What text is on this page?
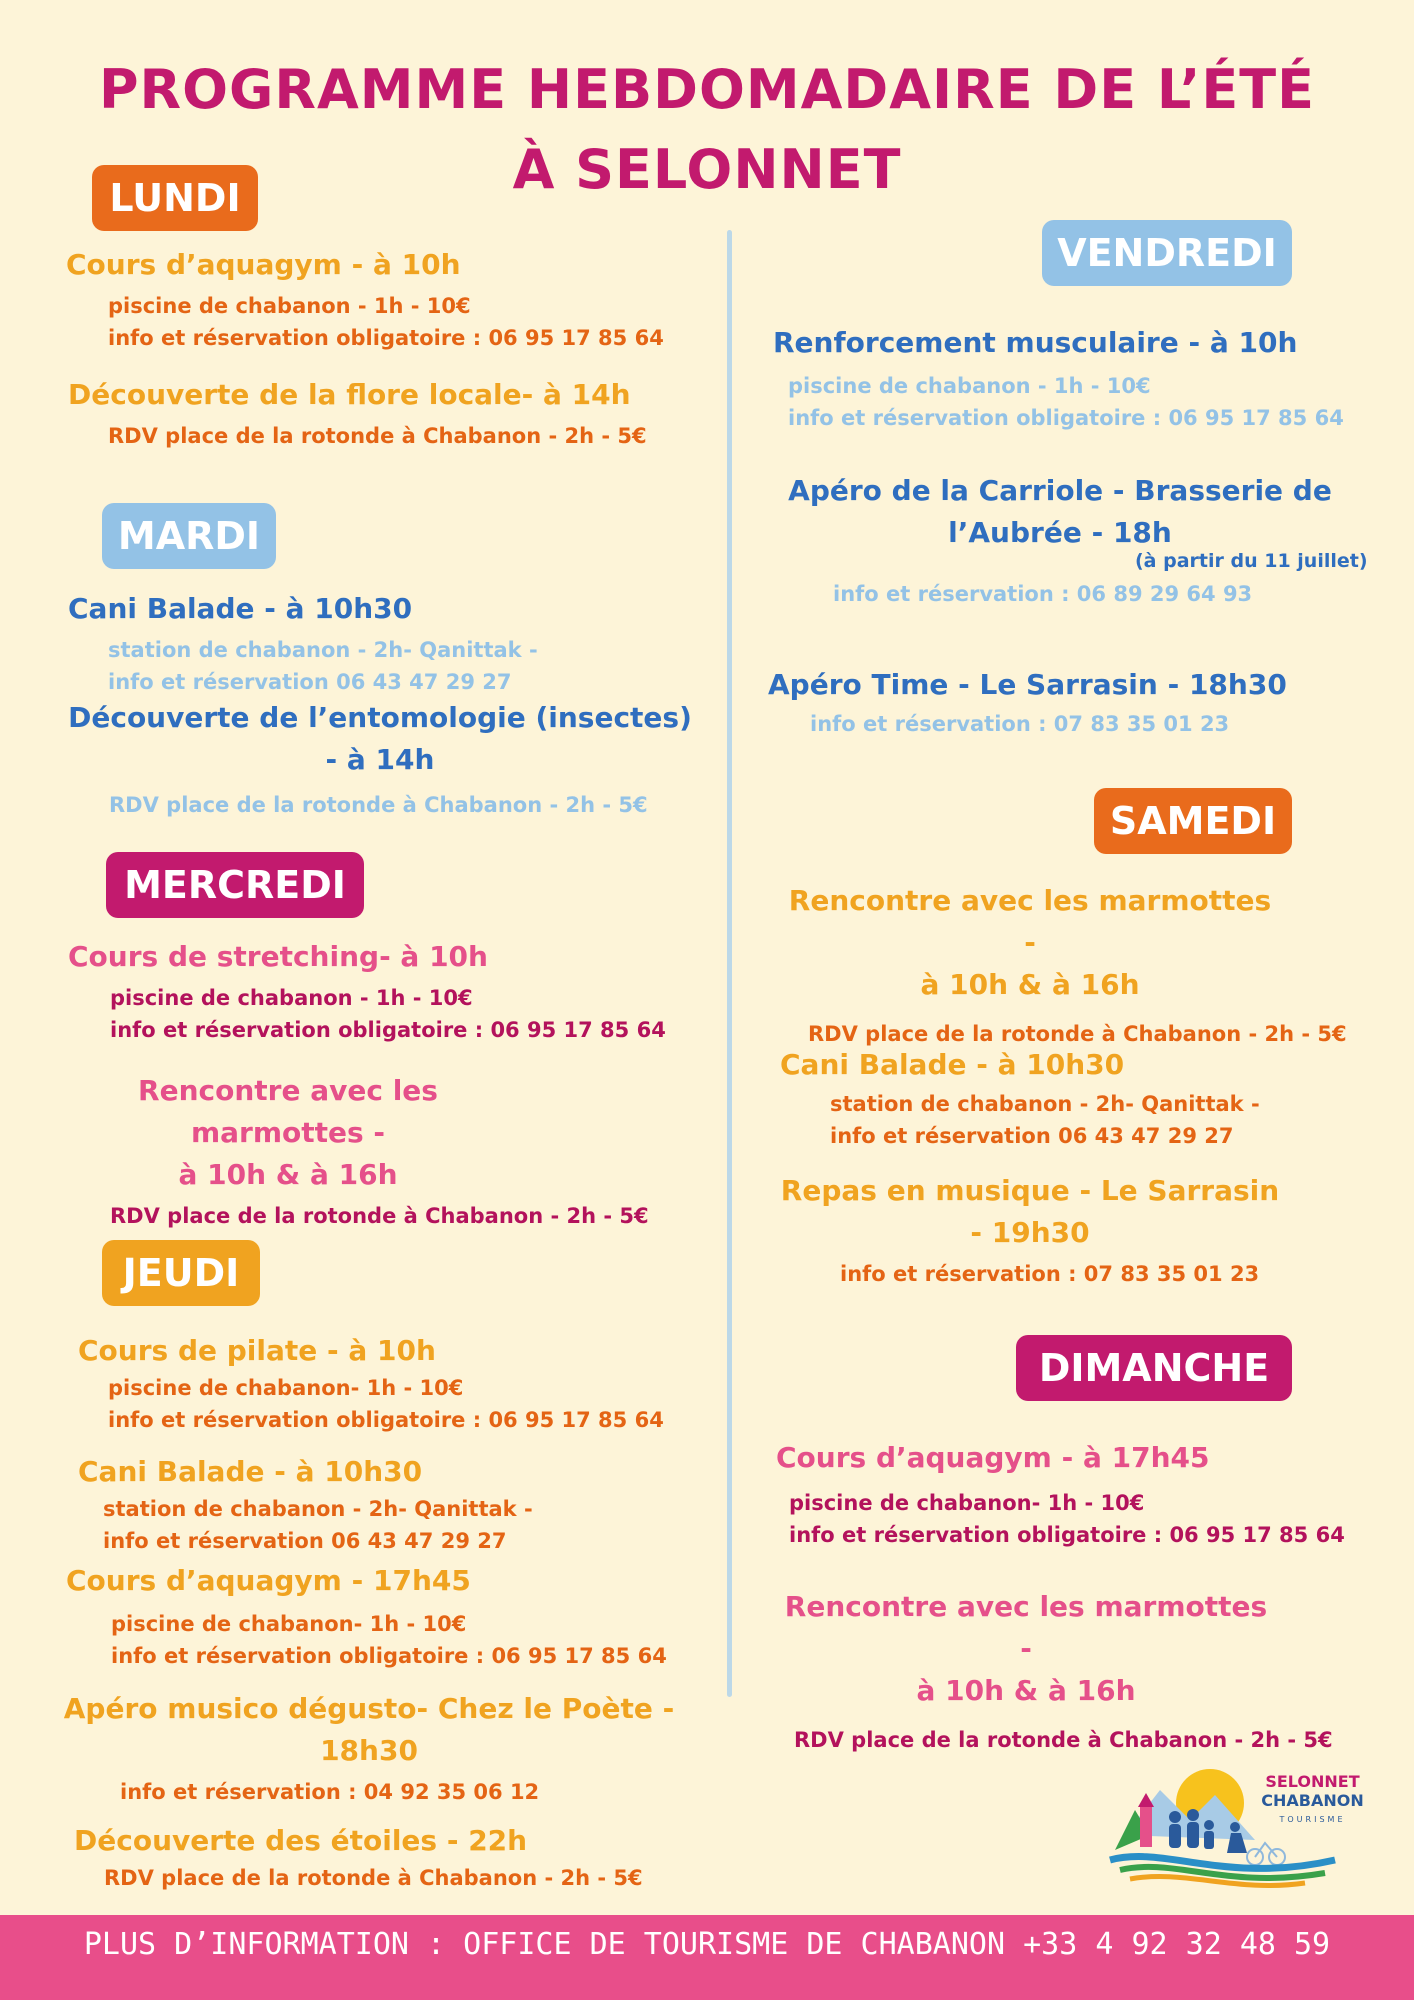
PROGRAMME HEBDOMADAIRE DE L’ÉTÉ
À SELONNET
LUNDI
Cours d’aquagym - à 10h
piscine de chabanon - 1h - 10€
info et réservation obligatoire : 06 95 17 85 64
Découverte de la flore locale- à 14h
RDV place de la rotonde à Chabanon - 2h - 5€
MARDI
Cani Balade - à 10h30
station de chabanon - 2h- Qanittak -
info et réservation 06 43 47 29 27
Découverte de l’entomologie (insectes)
- à 14h
RDV place de la rotonde à Chabanon - 2h - 5€
MERCREDI
Cours de stretching- à 10h
piscine de chabanon - 1h - 10€
info et réservation obligatoire : 06 95 17 85 64
Rencontre avec les marmottes -
à 10h & à 16h
RDV place de la rotonde à Chabanon - 2h - 5€
JEUDI
Cours de pilate - à 10h
piscine de chabanon- 1h - 10€
info et réservation obligatoire : 06 95 17 85 64
Cani Balade - à 10h30
station de chabanon - 2h- Qanittak -
info et réservation 06 43 47 29 27
Cours d’aquagym - 17h45
piscine de chabanon- 1h - 10€
info et réservation obligatoire : 06 95 17 85 64
Apéro musico dégusto- Chez le Poète -
18h30
info et réservation : 04 92 35 06 12
Découverte des étoiles - 22h
RDV place de la rotonde à Chabanon - 2h - 5€
VENDREDI
Renforcement musculaire - à 10h
piscine de chabanon - 1h - 10€
info et réservation obligatoire : 06 95 17 85 64
Apéro de la Carriole - Brasserie de
l’Aubrée - 18h
(à partir du 11 juillet)
info et réservation : 06 89 29 64 93
Apéro Time - Le Sarrasin - 18h30
info et réservation : 07 83 35 01 23
SAMEDI
Rencontre avec les marmottes -
à 10h & à 16h
RDV place de la rotonde à Chabanon - 2h - 5€
Cani Balade - à 10h30
station de chabanon - 2h- Qanittak -
info et réservation 06 43 47 29 27
Repas en musique - Le Sarrasin
- 19h30
info et réservation : 07 83 35 01 23
DIMANCHE
Cours d’aquagym - à 17h45
piscine de chabanon- 1h - 10€
info et réservation obligatoire : 06 95 17 85 64
Rencontre avec les marmottes -
à 10h & à 16h
RDV place de la rotonde à Chabanon - 2h - 5€
SELONNET
CHABANON
TOURISME
PLUS D’INFORMATION : OFFICE DE TOURISME DE CHABANON +33 4 92 32 48 59
